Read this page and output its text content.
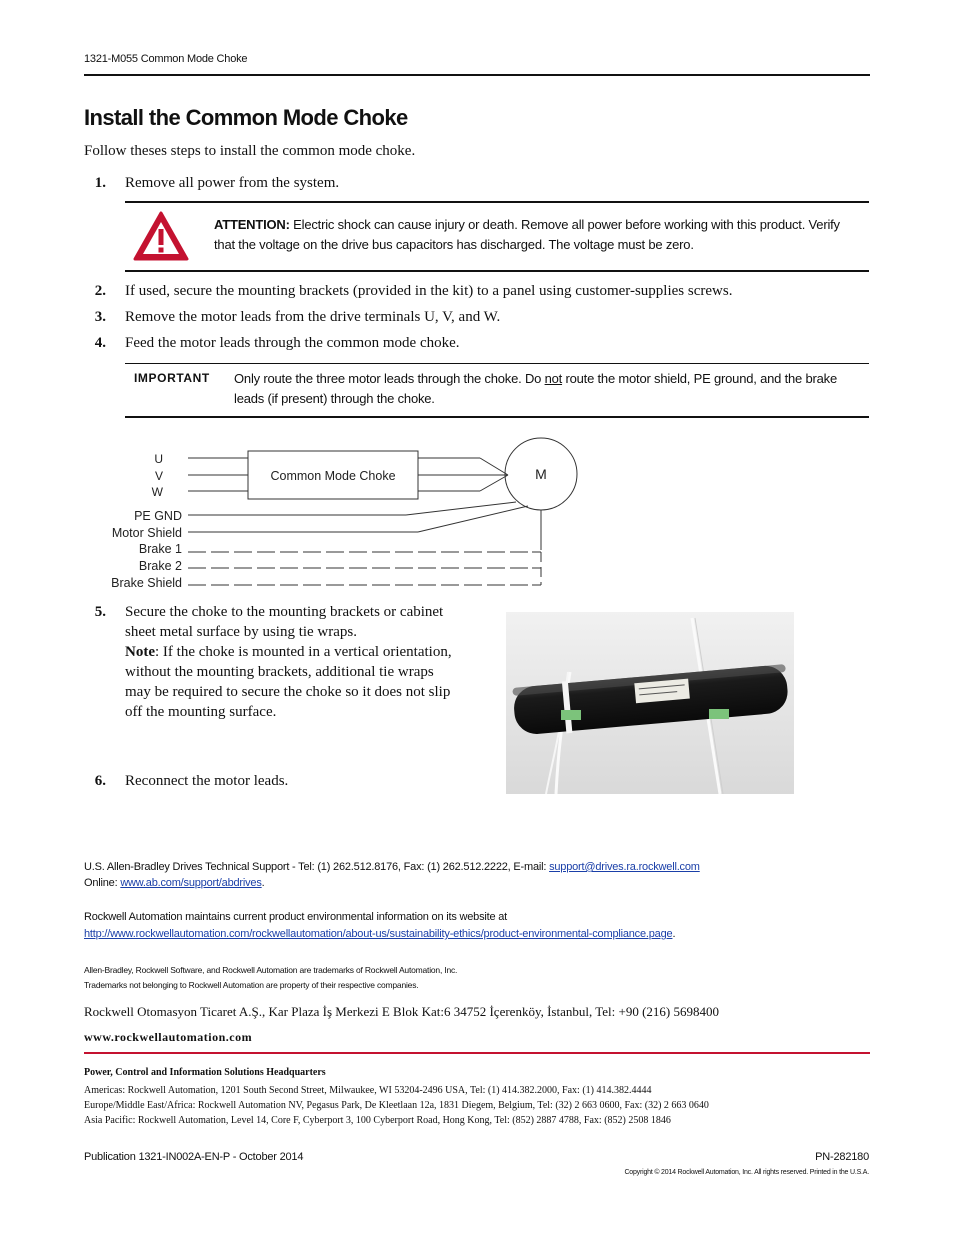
1321-M055 Common Mode Choke
Install the Common Mode Choke
Follow theses steps to install the common mode choke.
1. Remove all power from the system.
ATTENTION: Electric shock can cause injury or death. Remove all power before working with this product. Verify that the voltage on the drive bus capacitors has discharged. The voltage must be zero.
2. If used, secure the mounting brackets (provided in the kit) to a panel using customer-supplies screws.
3. Remove the motor leads from the drive terminals U, V, and W.
4. Feed the motor leads through the common mode choke.
IMPORTANT Only route the three motor leads through the choke. Do not route the motor shield, PE ground, and the brake leads (if present) through the choke.
U
V
W
Common Mode Choke	M
PE GND
Motor Shield
Brake 1
Brake 2
Brake Shield
5. Secure the choke to the mounting brackets or cabinet sheet metal surface by using tie wraps.
Note: If the choke is mounted in a vertical orientation, without the mounting brackets, additional tie wraps may be required to secure the choke so it does not slip off the mounting surface.
6. Reconnect the motor leads.
U.S. Allen-Bradley Drives Technical Support - Tel: (1) 262.512.8176, Fax: (1) 262.512.2222, E-mail: support@drives.ra.rockwell.com
Online: www.ab.com/support/abdrives.
Rockwell Automation maintains current product environmental information on its website at
http://www.rockwellautomation.com/rockwellautomation/about-us/sustainability-ethics/product-environmental-compliance.page.
Allen-Bradley, Rockwell Software, and Rockwell Automation are trademarks of Rockwell Automation, Inc.
Trademarks not belonging to Rockwell Automation are property of their respective companies.
Rockwell Otomasyon Ticaret A.Ş., Kar Plaza İş Merkezi E Blok Kat:6 34752 İçerenköy, İstanbul, Tel: +90 (216) 5698400
www.rockwellautomation.com
Power, Control and Information Solutions Headquarters
Americas: Rockwell Automation, 1201 South Second Street, Milwaukee, WI 53204-2496 USA, Tel: (1) 414.382.2000, Fax: (1) 414.382.4444
Europe/Middle East/Africa: Rockwell Automation NV, Pegasus Park, De Kleetlaan 12a, 1831 Diegem, Belgium, Tel: (32) 2 663 0600, Fax: (32) 2 663 0640
Asia Pacific: Rockwell Automation, Level 14, Core F, Cyberport 3, 100 Cyberport Road, Hong Kong, Tel: (852) 2887 4788, Fax: (852) 2508 1846
Publication 1321-IN002A-EN-P - October 2014	PN-282180
Copyright © 2014 Rockwell Automation, Inc. All rights reserved. Printed in the U.S.A.
